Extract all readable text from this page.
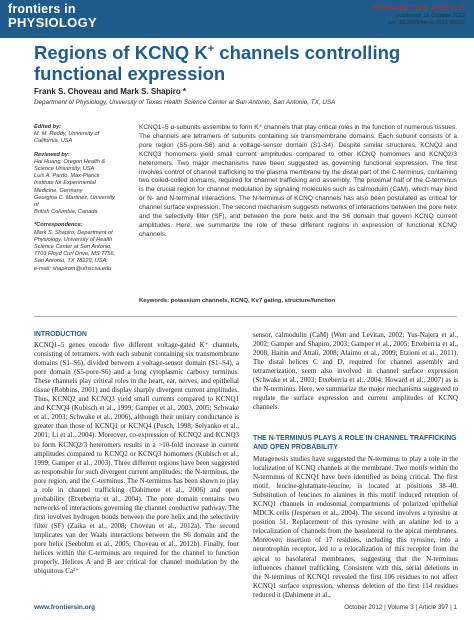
frontiers in
PHYSIOLOGY
PERSPECTIVE ARTICLE
published: 16 October 2012
doi: 10.3389/fphys.2012.00397
Regions of KCNQ K+ channels controlling functional expression
Frank S. Choveau and Mark S. Shapiro *
Department of Physiology, University of Texas Health Science Center at San Antonio, San Antonio, TX, USA
Edited by:
M. M. Reddy, University of
California, USA
Reviewed by:
Hai Huang, Oregon Health &
Science University, USA
Luis A. Pardo, Max-Planck
Institute for Experimental
Medicine, Germany
Georgina C. Martinez, University of
British Columbia, Canada
*Correspondence:
Mark S. Shapiro, Department of
Physiology, University of Health
Science Center at San Antonio,
7703 Floyd Curl Drive, MS 7756,
San Antonio, TX 78229, USA.
e-mail: shapirom@uthscsa.edu

KCNQ1–5 α-subunits assemble to form K⁺ channels that play critical roles in the function of numerous tissues. The channels are tetramers of subunits containing six transmembrane domains. Each subunit consists of a pore region (S5-pore-S6) and a voltage-sensor domain (S1-S4). Despite similar structures, KCNQ2 and KCNQ3 homomers yield small current amplitudes compared to other KCNQ homomers and KCNQ2/3 heteromers. Two major mechanisms have been suggested as governing functional expression. The first involves control of channel trafficking to the plasma membrane by the distal part of the C-terminus, containing two coiled-coiled domains, required for channel trafficking and assembly. The proximal half of the C-terminus is the crucial region for channel modulation by signaling molecules such as calmodulin (CaM), which may bind or N- and N-terminal interactions. The N-terminus of KCNQ channels has also been postulated as critical for channel surface expression. The second mechanism suggests networks of interactions between the pore helix and the selectivity filter (SF), and between the pore helix and the S6 domain that govern KCNQ current amplitudes. Here, we summarize the role of these different regions in expression of functional KCNQ channels.

Keywords: potassium channels, KCNQ, Kv7 gating, structure/function
INTRODUCTION

KCNQ1–5 genes encode five different voltage-gated K⁺ channels, consisting of tetramers, with each subunit containing six transmembrane domains (S1–S6), divided between a voltage-sensor domain (S1–S4), a pore domain (S5-pore-S6) and a long cytoplasmic carboxy terminus. These channels play critical roles in the heart, ear, nerves, and epithelial tissue (Robbins, 2001) and display sharply divergent current amplitudes. Thus, KCNQ2 and KCNQ3 yield small currents compared to KCNQ1 and KCNQ4 (Kubisch et al., 1999; Gamper et al., 2003, 2005; Schwake et al., 2003; Schwake et al., 2006), although their unitary conductance is greater than those of KCNQ1 or KCNQ4 (Pusch, 1998; Selyanko et al., 2001; Li et al., 2004). Moreover, co-expression of KCNQ2 and KCNQ3 to form KCNQ2/3 heteromers results in a >10-fold increase in current amplitudes compared to KCNQ2 or KCNQ3 homomers (Kubisch et al., 1999; Gamper et al., 2003). Three different regions have been suggested as responsible for such divergent current amplitudes: the N-terminus, the pore region, and the C-terminus. The N-terminus has been shown to play a role in channel trafficking (Dahimene et al., 2006) and open probability (Etxeberria et al., 2004). The pore domain contains two networks of interactions governing the channel conductive pathway. The first involves hydrogen bonds between the pore helix and the selectivity filter (SF) (Zaika et al., 2008; Choveau et al., 2012a). The second implicates van der Waals interactions between the S6 domain and the pore helix (Seebohm et al., 2005; Choveau et al., 2012b). Finally, four helices within the C-terminus are required for the channel to function properly. Helices A and B are critical for channel modulation by the ubiquitous Ca²⁺

sensor, calmodulin (CaM) (Wen and Levitan, 2002; Yus-Najera et al., 2002; Gamper and Shapiro, 2003; Gamper et al., 2005; Etxeberria et al., 2008; Haitin and Attali, 2008; Alaimo et al., 2009; Etzioni et al., 2011). The distal helices C and D, required for channel assembly and tetramerization, seem also involved in channel surface expression (Schwake et al., 2003; Etxeberria et al., 2004; Howard et al., 2007) as is the N-terminus. Here, we summarize the major mechanisms suggested to regulate the surface expression and current amplitudes of KCNQ channels.

THE N-TERMINUS PLAYS A ROLE IN CHANNEL TRAFFICKING AND OPEN PROBABILITY

Mutagenesis studies have suggested the N-terminus to play a role in the localization of KCNQ channels at the membrane. Two motifs within the N-terminus of KCNQ1 have been identified as being critical. The first motif, leucine-glutamate-leucine, is located at positions 38–40. Substitution of leucines to alanines in this motif induced retention of KCNQ1 channels in endosomal compartments of polarized epithelial MDCK cells (Jespersen et al., 2004). The second involves a tyrosine at position 51. Replacement of this tyrosine with an alanine led to a relocalization of channels from the basolateral to the apical membranes. Moreover, insertion of 17 residues, including this tyrosine, into a neurotrophin receptor, led to a relocalization of this receptor from the apical to basolateral membranes, suggesting that the N-terminus influences channel trafficking. Consistent with this, serial deletions in the N-terminus of KCNQ1 revealed the first 106 residues to not affect KCNQ1 surface expression, whereas deletion of the first 114 residues reduced it (Dahimene et al.,

www.frontiersin.org	October 2012 | Volume 3 | Article 397 | 1
